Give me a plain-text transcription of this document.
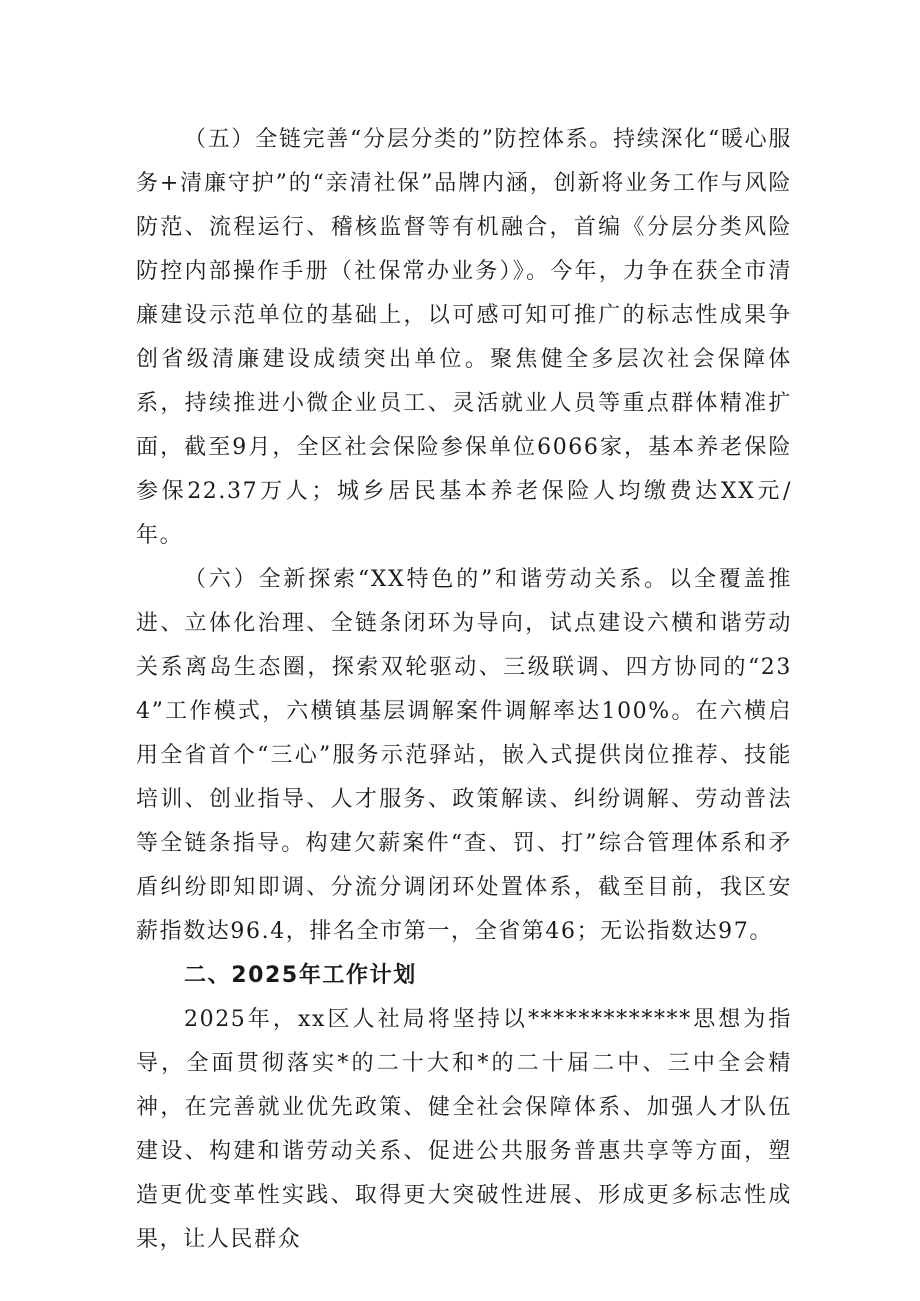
（五）全链完善“分层分类的”防控体系。持续深化“暖心服务+清廉守护”的“亲清社保”品牌内涵，创新将业务工作与风险防范、流程运行、稽核监督等有机融合，首编《分层分类风险防控内部操作手册（社保常办业务）》。今年，力争在获全市清廉建设示范单位的基础上，以可感可知可推广的标志性成果争创省级清廉建设成绩突出单位。聚焦健全多层次社会保障体系，持续推进小微企业员工、灵活就业人员等重点群体精准扩面，截至9月，全区社会保险参保单位6066家，基本养老保险参保22.37万人；城乡居民基本养老保险人均缴费达XX元/年。

（六）全新探索“XX特色的”和谐劳动关系。以全覆盖推进、立体化治理、全链条闭环为导向，试点建设六横和谐劳动关系离岛生态圈，探索双轮驱动、三级联调、四方协同的“234”工作模式，六横镇基层调解案件调解率达100%。在六横启用全省首个“三心”服务示范驿站，嵌入式提供岗位推荐、技能培训、创业指导、人才服务、政策解读、纠纷调解、劳动普法等全链条指导。构建欠薪案件“查、罚、打”综合管理体系和矛盾纠纷即知即调、分流分调闭环处置体系，截至目前，我区安薪指数达96.4，排名全市第一，全省第46；无讼指数达97。

二、2025年工作计划

2025年，xx区人社局将坚持以*************思想为指导，全面贯彻落实*的二十大和*的二十届二中、三中全会精神，在完善就业优先政策、健全社会保障体系、加强人才队伍建设、构建和谐劳动关系、促进公共服务普惠共享等方面，塑造更优变革性实践、取得更大突破性进展、形成更多标志性成果，让人民群众
